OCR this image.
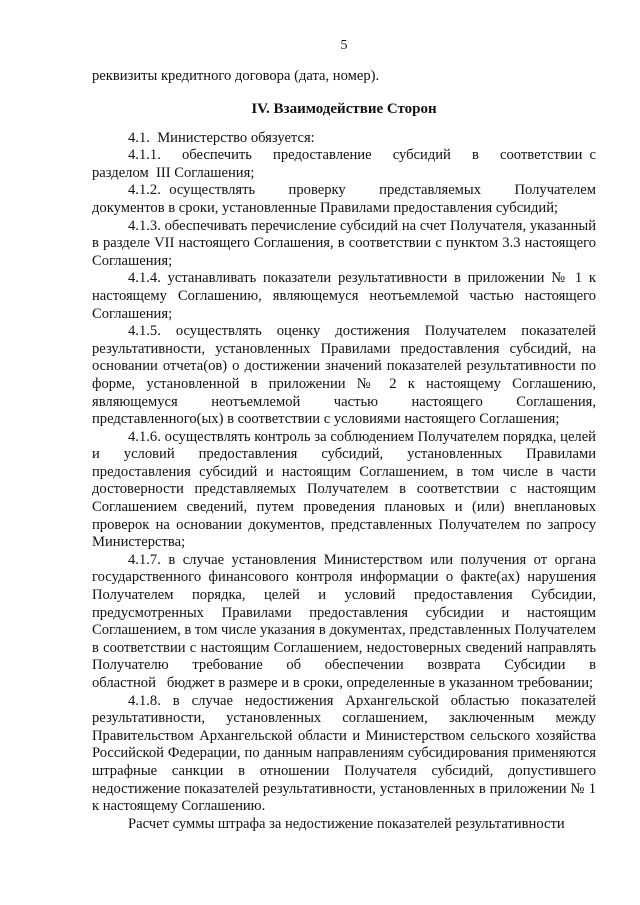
5

реквизиты кредитного договора (дата, номер).

IV. Взаимодействие Сторон

4.1.  Министерство обязуется:

4.1.1.   обеспечить   предоставление   субсидий   в   соответствии с разделом  III Соглашения;

4.1.2. осуществлять    проверку    представляемых    Получателем документов в сроки, установленные Правилами предоставления субсидий;

4.1.3. обеспечивать перечисление субсидий на счет Получателя, указанный в разделе VII настоящего Соглашения, в соответствии с пунктом 3.3 настоящего Соглашения;

4.1.4. устанавливать показатели результативности в приложении № 1 к настоящему Соглашению, являющемуся неотъемлемой частью настоящего Соглашения;

4.1.5. осуществлять оценку достижения Получателем показателей результативности, установленных Правилами предоставления субсидий, на основании отчета(ов) о достижении значений показателей результативности по форме, установленной в приложении № 2 к настоящему Соглашению, являющемуся неотъемлемой частью настоящего Соглашения, представленного(ых) в соответствии с условиями настоящего Соглашения;

4.1.6. осуществлять контроль за соблюдением Получателем порядка, целей и условий предоставления субсидий, установленных Правилами предоставления субсидий и настоящим Соглашением, в том числе в части достоверности представляемых Получателем в соответствии с настоящим Соглашением сведений, путем проведения плановых и (или) внеплановых проверок на основании документов, представленных Получателем по запросу Министерства;

4.1.7. в случае установления Министерством или получения от органа государственного финансового контроля информации о факте(ах) нарушения Получателем порядка, целей и условий предоставления Субсидии, предусмотренных Правилами предоставления субсидии и настоящим Соглашением, в том числе указания в документах, представленных Получателем в соответствии с настоящим Соглашением, недостоверных сведений направлять Получателю требование об обеспечении возврата Субсидии в областной   бюджет в размере и в сроки, определенные в указанном требовании;

4.1.8. в случае недостижения Архангельской областью показателей результативности, установленных соглашением, заключенным между Правительством Архангельской области и Министерством сельского хозяйства Российской Федерации, по данным направлениям субсидирования применяются штрафные санкции в отношении Получателя субсидий, допустившего недостижение показателей результативности, установленных в приложении № 1 к настоящему Соглашению.

Расчет суммы штрафа за недостижение показателей результативности
